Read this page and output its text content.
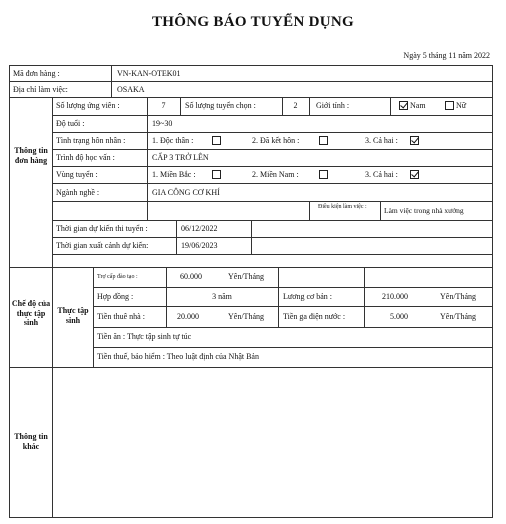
THÔNG BÁO TUYỂN DỤNG
Ngày 5 tháng 11 năm 2022
Mã đơn hàng :	VN-KAN-OTEK01
Địa chỉ làm việc:	OSAKA
Thông tin đơn hàng
Số lượng ứng viên :	7	Số lượng tuyển chọn :	2	Giới tính :	Nam	Nữ
Độ tuổi :	19~30
Tình trạng hôn nhân :	1. Độc thân :	2. Đã kết hôn :	3. Cả hai :
Trình độ học vấn :	CẤP 3 TRỞ LÊN
Vùng tuyển :	1. Miền Bắc :	2. Miền Nam :	3. Cả hai :
Ngành nghề :	GIA CÔNG CƠ KHÍ
Điều kiện làm việc :	Làm việc trong nhà xưởng
Thời gian dự kiến thi tuyển :	06/12/2022
Thời gian xuất cảnh dự kiến:	19/06/2023
Chế độ của thực tập sinh
Thực tập sinh
Trợ cấp đào tạo :	60.000	Yên/Tháng
Hợp đồng :	3 năm	Lương cơ bản :	210.000	Yên/Tháng
Tiền thuê nhà :	20.000	Yên/Tháng Tiền ga điện nước :	5.000	Yên/Tháng
Tiền ăn : Thực tập sinh tự túc
Tiền thuế, bảo hiểm : Theo luật định của Nhật Bản
Thông tin khác
